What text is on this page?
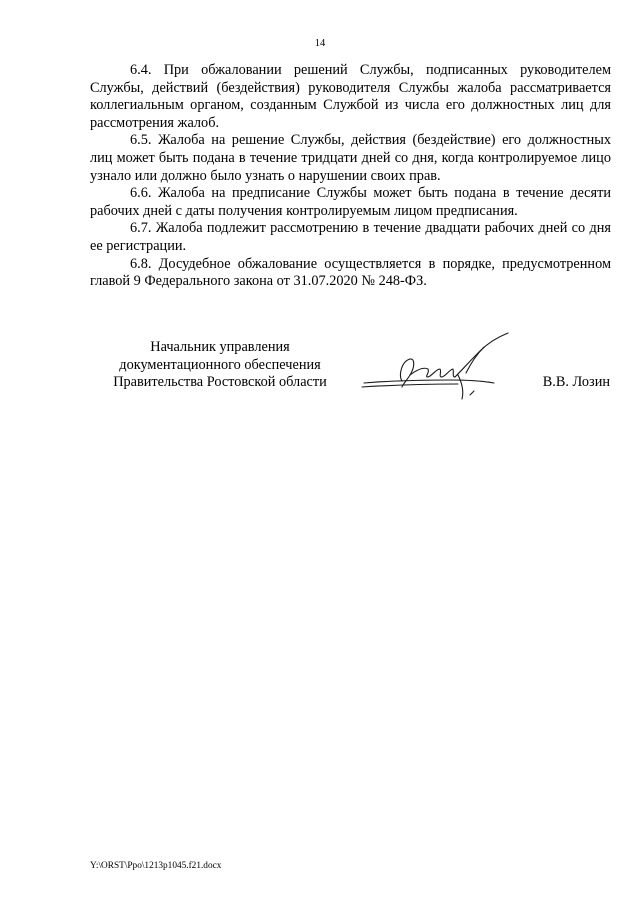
14

6.4. При обжаловании решений Службы, подписанных руководителем Службы, действий (бездействия) руководителя Службы жалоба рассматривается коллегиальным органом, созданным Службой из числа его должностных лиц для рассмотрения жалоб.

6.5. Жалоба на решение Службы, действия (бездействие) его должностных лиц может быть подана в течение тридцати дней со дня, когда контролируемое лицо узнало или должно было узнать о нарушении своих прав.

6.6. Жалоба на предписание Службы может быть подана в течение десяти рабочих дней с даты получения контролируемым лицом предписания.

6.7. Жалоба подлежит рассмотрению в течение двадцати рабочих дней со дня ее регистрации.

6.8. Досудебное обжалование осуществляется в порядке, предусмотренном главой 9 Федерального закона от 31.07.2020 № 248-ФЗ.

Начальник управления
документационного обеспечения
Правительства Ростовской области	В.В. Лозин
Y:\ORST\Ppo\1213p1045.f21.docx
